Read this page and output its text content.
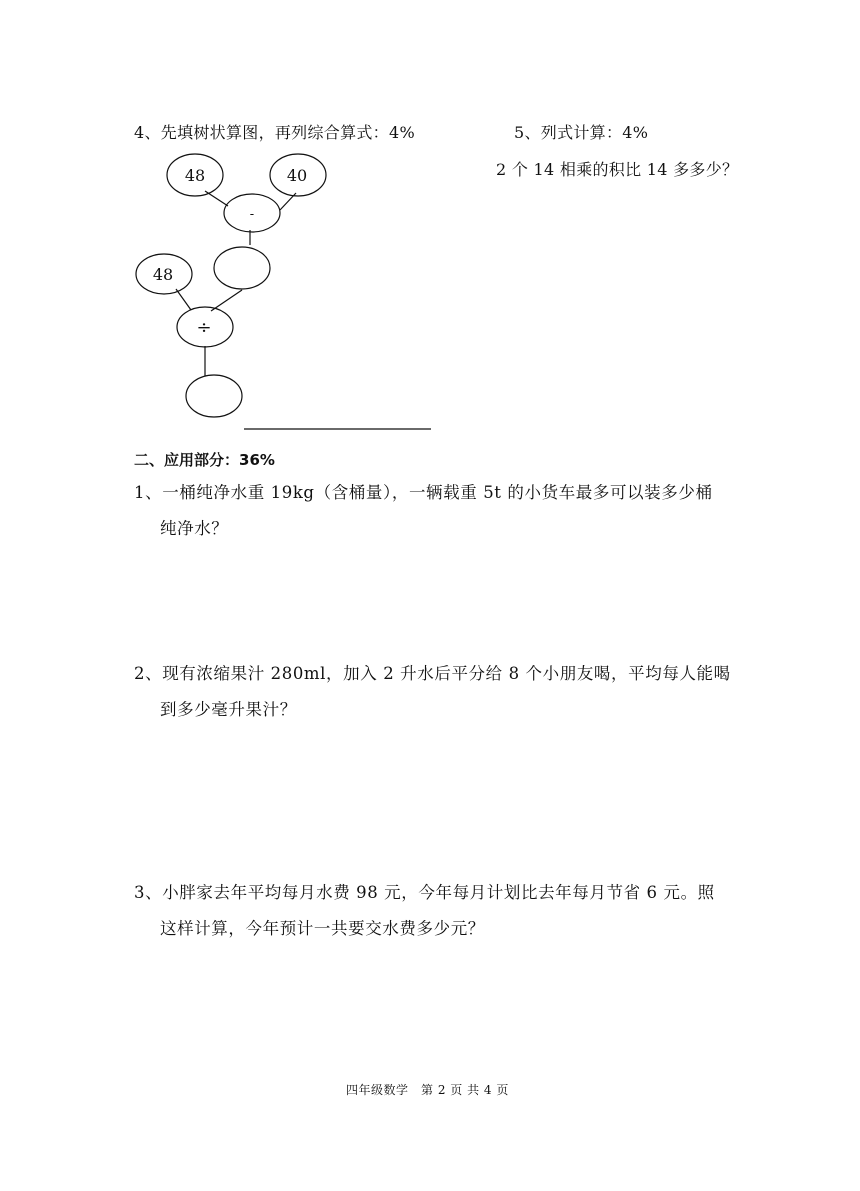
4、先填树状算图，再列综合算式：4%	5、列式计算：4%
2 个 14 相乘的积比 14 多多少？
48	40
-
48
÷
二、应用部分：36%
1、一桶纯净水重 19kg（含桶量），一辆载重 5t 的小货车最多可以装多少桶
纯净水？
2、现有浓缩果汁 280ml，加入 2 升水后平分给 8 个小朋友喝，平均每人能喝
到多少毫升果汁？
3、小胖家去年平均每月水费 98 元，今年每月计划比去年每月节省 6 元。照
这样计算，今年预计一共要交水费多少元？
四年级数学　第 2 页 共 4 页
